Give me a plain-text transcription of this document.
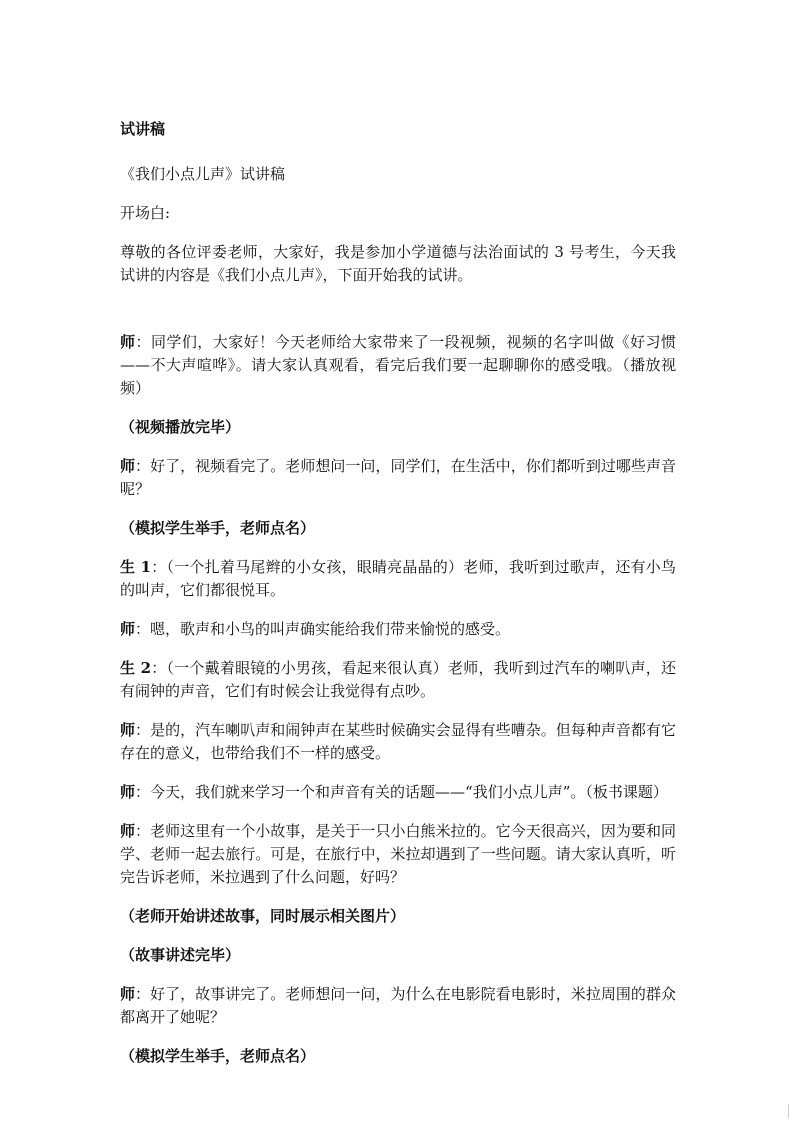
试讲稿
《我们小点儿声》试讲稿
开场白:
尊敬的各位评委老师，大家好，我是参加小学道德与法治面试的 3 号考生，今天我试讲的内容是《我们小点儿声》，下面开始我的试讲。
师：同学们，大家好！今天老师给大家带来了一段视频，视频的名字叫做《好习惯——不大声喧哗》。请大家认真观看，看完后我们要一起聊聊你的感受哦。（播放视频）
（视频播放完毕）
师：好了，视频看完了。老师想问一问，同学们，在生活中，你们都听到过哪些声音呢？
（模拟学生举手，老师点名）
生 1：（一个扎着马尾辫的小女孩，眼睛亮晶晶的）老师，我听到过歌声，还有小鸟的叫声，它们都很悦耳。
师：嗯，歌声和小鸟的叫声确实能给我们带来愉悦的感受。
生 2：（一个戴着眼镜的小男孩，看起来很认真）老师，我听到过汽车的喇叭声，还有闹钟的声音，它们有时候会让我觉得有点吵。
师：是的，汽车喇叭声和闹钟声在某些时候确实会显得有些嘈杂。但每种声音都有它存在的意义，也带给我们不一样的感受。
师：今天，我们就来学习一个和声音有关的话题——“我们小点儿声”。（板书课题）
师：老师这里有一个小故事，是关于一只小白熊米拉的。它今天很高兴，因为要和同学、老师一起去旅行。可是，在旅行中，米拉却遇到了一些问题。请大家认真听，听完告诉老师，米拉遇到了什么问题，好吗？
（老师开始讲述故事，同时展示相关图片）
（故事讲述完毕）
师：好了，故事讲完了。老师想问一问，为什么在电影院看电影时，米拉周围的群众都离开了她呢？
（模拟学生举手，老师点名）
